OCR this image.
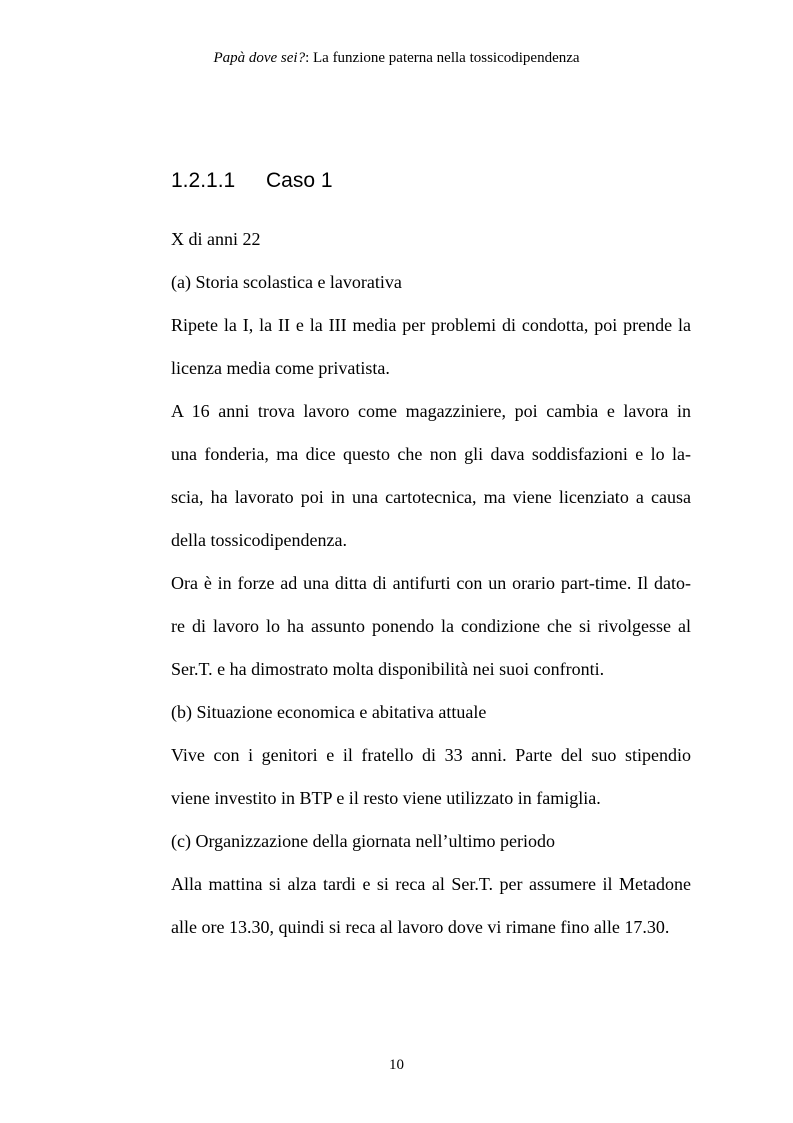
Papà dove sei?: La funzione paterna nella tossicodipendenza
1.2.1.1 Caso 1
X di anni 22
(a) Storia scolastica e lavorativa
Ripete la I, la II e la III media per problemi di condotta, poi prende la
licenza media come privatista.
A 16 anni trova lavoro come magazziniere, poi cambia e lavora in
una fonderia, ma dice questo che non gli dava soddisfazioni e lo la-
scia, ha lavorato poi in una cartotecnica, ma viene licenziato a causa
della tossicodipendenza.
Ora è in forze ad una ditta di antifurti con un orario part-time. Il dato-
re di lavoro lo ha assunto ponendo la condizione che si rivolgesse al
Ser.T. e ha dimostrato molta disponibilità nei suoi confronti.
(b) Situazione economica e abitativa attuale
Vive con i genitori e il fratello di 33 anni. Parte del suo stipendio
viene investito in BTP e il resto viene utilizzato in famiglia.
(c) Organizzazione della giornata nell’ultimo periodo
Alla mattina si alza tardi e si reca al Ser.T. per assumere il Metadone
alle ore 13.30, quindi si reca al lavoro dove vi rimane fino alle 17.30.
10
